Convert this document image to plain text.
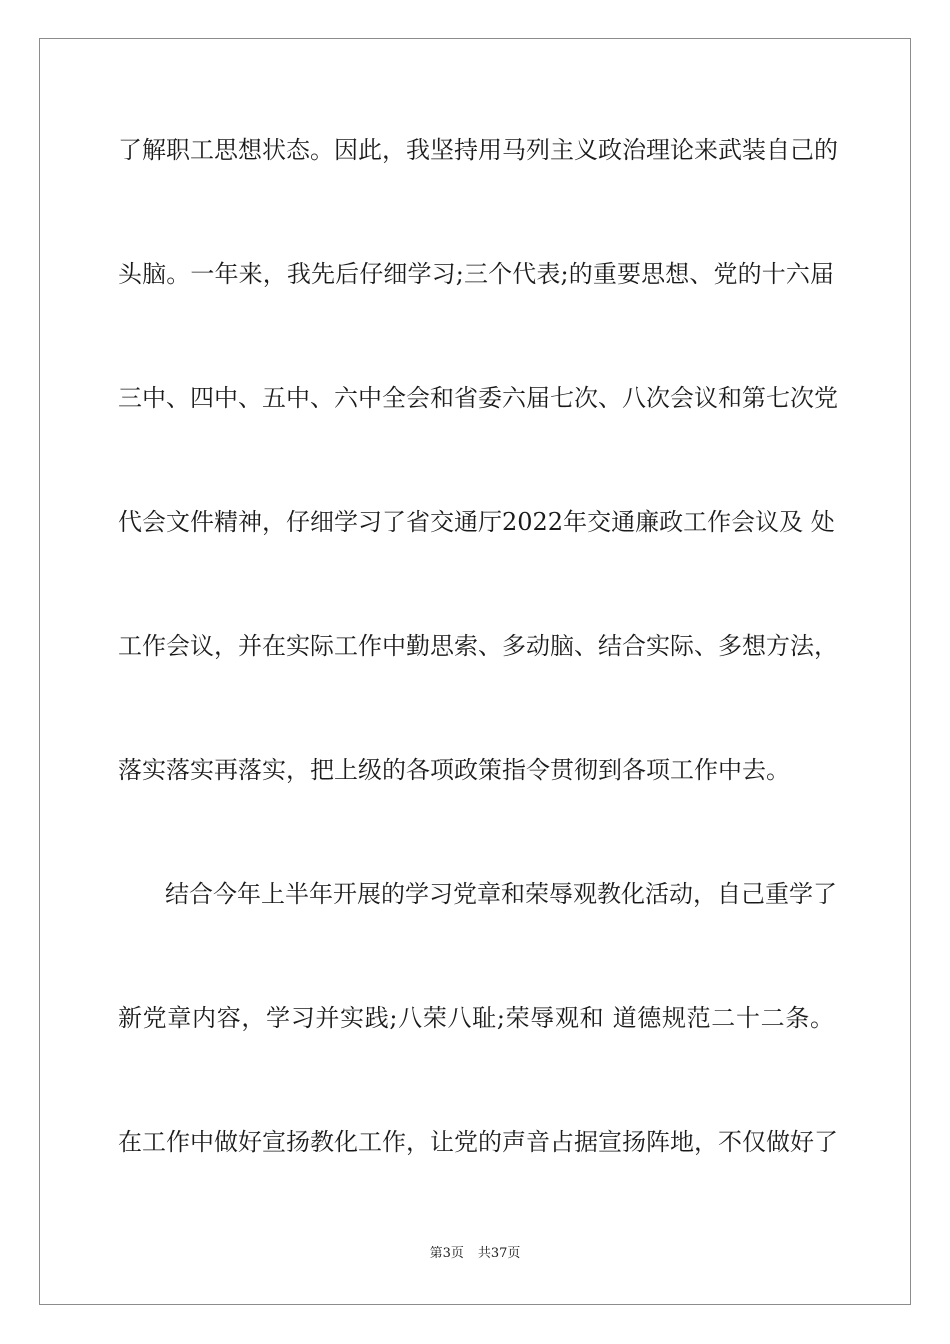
了解职工思想状态。因此，我坚持用马列主义政治理论来武装自己的
头脑。一年来，我先后仔细学习;三个代表;的重要思想、党的十六届
三中、四中、五中、六中全会和省委六届七次、八次会议和第七次党
代会文件精神，仔细学习了省交通厅2022年交通廉政工作会议及 处
工作会议，并在实际工作中勤思索、多动脑、结合实际、多想方法，
落实落实再落实，把上级的各项政策指令贯彻到各项工作中去。
结合今年上半年开展的学习党章和荣辱观教化活动，自己重学了
新党章内容，学习并实践;八荣八耻;荣辱观和 道德规范二十二条。
在工作中做好宣扬教化工作，让党的声音占据宣扬阵地，不仅做好了
第3页 共37页
